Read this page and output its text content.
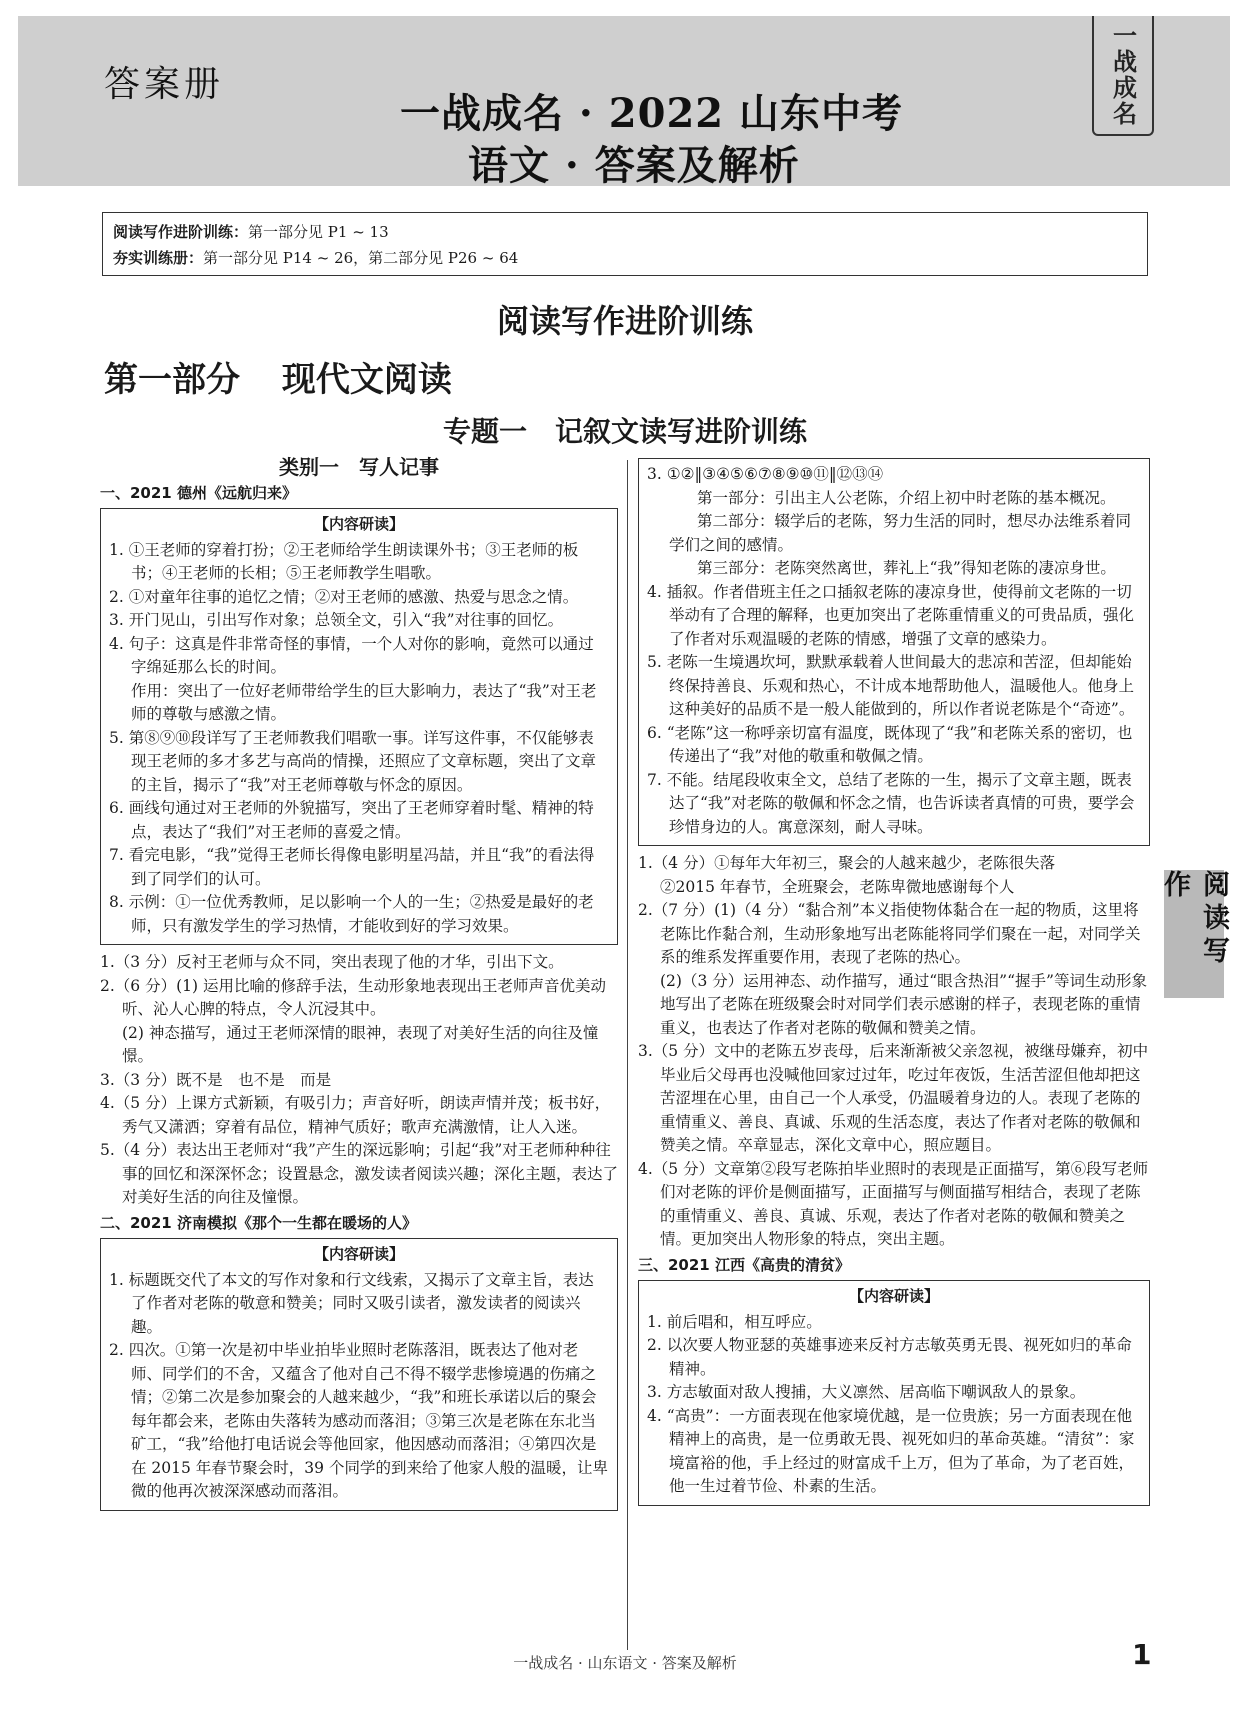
答案册
一战成名 · 2022 山东中考
语文 · 答案及解析
一战成名
阅读写作进阶训练：第一部分见 P1 ~ 13
夯实训练册：第一部分见 P14 ~ 26，第二部分见 P26 ~ 64
阅读写作进阶训练
第一部分 现代文阅读
专题一　记叙文读写进阶训练
类别一　写人记事
一、2021 德州《远航归来》
【内容研读】

1. ①王老师的穿着打扮；②王老师给学生朗读课外书；③王老师的板书；④王老师的长相；⑤王老师教学生唱歌。

2. ①对童年往事的追忆之情；②对王老师的感激、热爱与思念之情。

3. 开门见山，引出写作对象；总领全文，引入“我”对往事的回忆。

4. 句子：这真是件非常奇怪的事情，一个人对你的影响，竟然可以通过字绵延那么长的时间。

作用：突出了一位好老师带给学生的巨大影响力，表达了“我”对王老师的尊敬与感激之情。

5. 第⑧⑨⑩段详写了王老师教我们唱歌一事。详写这件事，不仅能够表现王老师的多才多艺与高尚的情操，还照应了文章标题，突出了文章的主旨，揭示了“我”对王老师尊敬与怀念的原因。

6. 画线句通过对王老师的外貌描写，突出了王老师穿着时髦、精神的特点，表达了“我们”对王老师的喜爱之情。

7. 看完电影，“我”觉得王老师长得像电影明星冯喆，并且“我”的看法得到了同学们的认可。

8. 示例：①一位优秀教师，足以影响一个人的一生；②热爱是最好的老师，只有激发学生的学习热情，才能收到好的学习效果。

1.（3 分）反衬王老师与众不同，突出表现了他的才华，引出下文。

2.（6 分）(1) 运用比喻的修辞手法，生动形象地表现出王老师声音优美动听、沁人心脾的特点，令人沉浸其中。

(2) 神态描写，通过王老师深情的眼神，表现了对美好生活的向往及憧憬。

3.（3 分）既不是　也不是　而是

4.（5 分）上课方式新颖，有吸引力；声音好听，朗读声情并茂；板书好，秀气又潇洒；穿着有品位，精神气质好；歌声充满激情，让人入迷。

5.（4 分）表达出王老师对“我”产生的深远影响；引起“我”对王老师种种往事的回忆和深深怀念；设置悬念，激发读者阅读兴趣；深化主题，表达了对美好生活的向往及憧憬。

二、2021 济南模拟《那个一生都在暖场的人》
【内容研读】

1. 标题既交代了本文的写作对象和行文线索，又揭示了文章主旨，表达了作者对老陈的敬意和赞美；同时又吸引读者，激发读者的阅读兴趣。

2. 四次。①第一次是初中毕业拍毕业照时老陈落泪，既表达了他对老师、同学们的不舍，又蕴含了他对自己不得不辍学悲惨境遇的伤痛之情；②第二次是参加聚会的人越来越少，“我”和班长承诺以后的聚会每年都会来，老陈由失落转为感动而落泪；③第三次是老陈在东北当矿工，“我”给他打电话说会等他回家，他因感动而落泪；④第四次是在 2015 年春节聚会时，39 个同学的到来给了他家人般的温暖，让卑微的他再次被深深感动而落泪。

3. ①②‖③④⑤⑥⑦⑧⑨⑩⑪‖⑫⑬⑭

第一部分：引出主人公老陈，介绍上初中时老陈的基本概况。

第二部分：辍学后的老陈，努力生活的同时，想尽办法维系着同学们之间的感情。

第三部分：老陈突然离世，葬礼上“我”得知老陈的凄凉身世。

4. 插叙。作者借班主任之口插叙老陈的凄凉身世，使得前文老陈的一切举动有了合理的解释，也更加突出了老陈重情重义的可贵品质，强化了作者对乐观温暖的老陈的情感，增强了文章的感染力。

5. 老陈一生境遇坎坷，默默承载着人世间最大的悲凉和苦涩，但却能始终保持善良、乐观和热心，不计成本地帮助他人，温暖他人。他身上这种美好的品质不是一般人能做到的，所以作者说老陈是个“奇迹”。

6. “老陈”这一称呼亲切富有温度，既体现了“我”和老陈关系的密切，也传递出了“我”对他的敬重和敬佩之情。

7. 不能。结尾段收束全文，总结了老陈的一生，揭示了文章主题，既表达了“我”对老陈的敬佩和怀念之情，也告诉读者真情的可贵，要学会珍惜身边的人。寓意深刻，耐人寻味。

1.（4 分）①每年大年初三，聚会的人越来越少，老陈很失落

②2015 年春节，全班聚会，老陈卑微地感谢每个人

2.（7 分）(1)（4 分）“黏合剂”本义指使物体黏合在一起的物质，这里将老陈比作黏合剂，生动形象地写出老陈能将同学们聚在一起，对同学关系的维系发挥重要作用，表现了老陈的热心。

(2)（3 分）运用神态、动作描写，通过“眼含热泪”“握手”等词生动形象地写出了老陈在班级聚会时对同学们表示感谢的样子，表现老陈的重情重义，也表达了作者对老陈的敬佩和赞美之情。

3.（5 分）文中的老陈五岁丧母，后来渐渐被父亲忽视，被继母嫌弃，初中毕业后父母再也没喊他回家过过年，吃过年夜饭，生活苦涩但他却把这苦涩埋在心里，由自己一个人承受，仍温暖着身边的人。表现了老陈的重情重义、善良、真诚、乐观的生活态度，表达了作者对老陈的敬佩和赞美之情。卒章显志，深化文章中心，照应题目。

4.（5 分）文章第②段写老陈拍毕业照时的表现是正面描写，第⑥段写老师们对老陈的评价是侧面描写，正面描写与侧面描写相结合，表现了老陈的重情重义、善良、真诚、乐观，表达了作者对老陈的敬佩和赞美之情。更加突出人物形象的特点，突出主题。

三、2021 江西《高贵的清贫》
【内容研读】

1. 前后唱和，相互呼应。

2. 以次要人物亚瑟的英雄事迹来反衬方志敏英勇无畏、视死如归的革命精神。

3. 方志敏面对敌人搜捕，大义凛然、居高临下嘲讽敌人的景象。

4. “高贵”：一方面表现在他家境优越，是一位贵族；另一方面表现在他精神上的高贵，是一位勇敢无畏、视死如归的革命英雄。“清贫”：家境富裕的他，手上经过的财富成千上万，但为了革命，为了老百姓，他一生过着节俭、朴素的生活。

阅读写作
一战成名 · 山东语文 · 答案及解析	1
